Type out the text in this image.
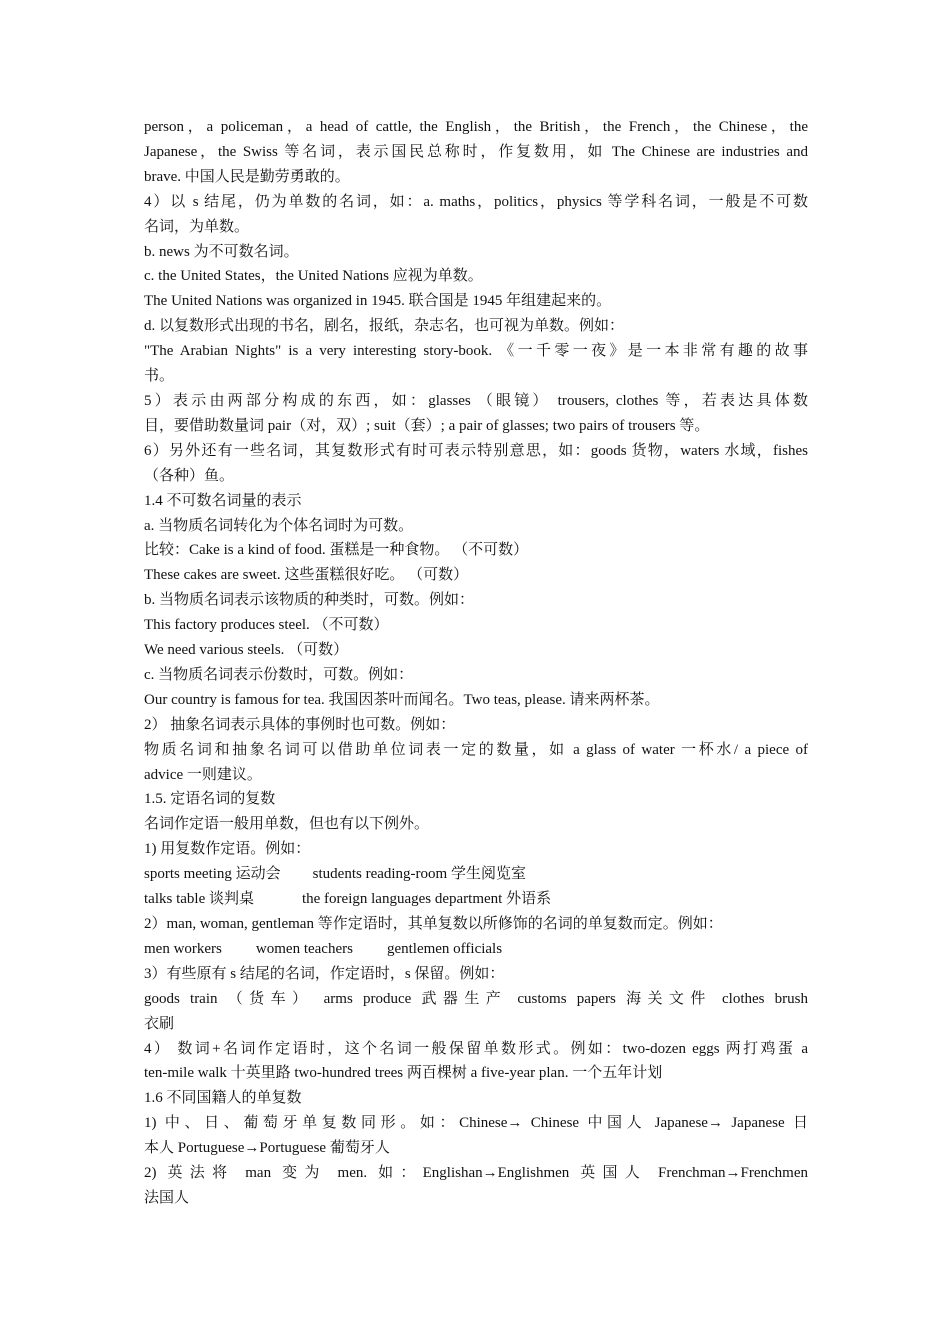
person，a policeman，a head of cattle, the English，the British，the French，the Chinese，the
Japanese，the Swiss 等名词，表示国民总称时，作复数用，如 The Chinese are industries and
brave. 中国人民是勤劳勇敢的。
4）以 s 结尾，仍为单数的名词，如：a. maths，politics，physics 等学科名词，一般是不可数
名词，为单数。
b. news 为不可数名词。
c. the United States，the United Nations 应视为单数。
The United Nations was organized in 1945. 联合国是 1945 年组建起来的。
d. 以复数形式出现的书名，剧名，报纸，杂志名，也可视为单数。例如：
"The Arabian Nights" is a very interesting story-book. 《一千零一夜》是一本非常有趣的故事
书。
5）表示由两部分构成的东西，如：glasses （眼镜） trousers, clothes 等，若表达具体数
目，要借助数量词 pair（对，双）; suit（套）; a pair of glasses; two pairs of trousers 等。
6）另外还有一些名词，其复数形式有时可表示特别意思，如：goods 货物，waters 水域，fishes
（各种）鱼。
1.4 不可数名词量的表示
a. 当物质名词转化为个体名词时为可数。
比较：Cake is a kind of food. 蛋糕是一种食物。 （不可数）
These cakes are sweet. 这些蛋糕很好吃。 （可数）
b. 当物质名词表示该物质的种类时，可数。例如：
This factory produces steel. （不可数）
We need various steels. （可数）
c. 当物质名词表示份数时，可数。例如：
Our country is famous for tea. 我国因茶叶而闻名。Two teas, please. 请来两杯茶。
2） 抽象名词表示具体的事例时也可数。例如：
物质名词和抽象名词可以借助单位词表一定的数量，如 a glass of water 一杯水/ a piece of
advice 一则建议。
1.5. 定语名词的复数
名词作定语一般用单数，但也有以下例外。
1) 用复数作定语。例如：
sports meeting 运动会 students reading-room 学生阅览室
talks table 谈判桌	the foreign languages department 外语系
2）man, woman, gentleman 等作定语时，其单复数以所修饰的名词的单复数而定。例如：
men workers women teachers gentlemen officials
3）有些原有 s 结尾的名词，作定语时，s 保留。例如：
goods train （货车） arms produce 武器生产 customs papers 海关文件 clothes brush
衣刷
4） 数词+名词作定语时，这个名词一般保留单数形式。例如：two-dozen eggs 两打鸡蛋 a
ten-mile walk 十英里路 two-hundred trees 两百棵树 a five-year plan. 一个五年计划
1.6 不同国籍人的单复数
1) 中、日、葡萄牙单复数同形。如：Chinese→ Chinese 中国人 Japanese→ Japanese 日
本人 Portuguese→Portuguese 葡萄牙人
2) 英法将 man 变为 men. 如：Englishan→Englishmen 英国人 Frenchman→Frenchmen
法国人
